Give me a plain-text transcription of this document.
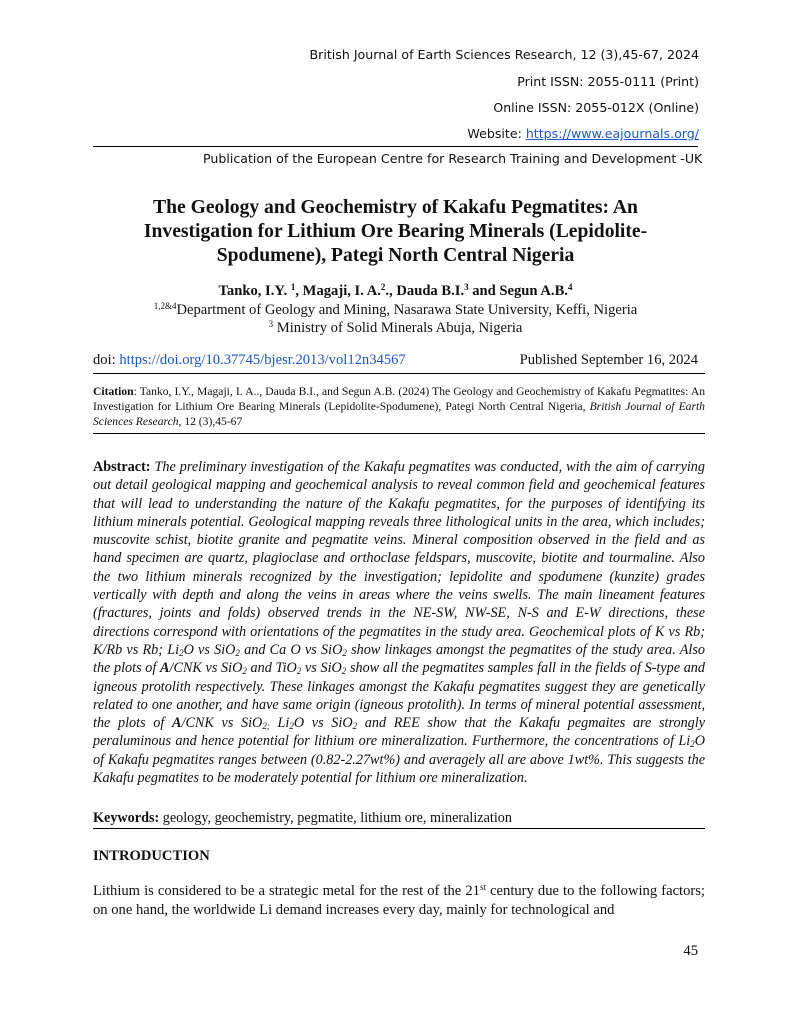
British Journal of Earth Sciences Research, 12 (3),45-67, 2024
Print ISSN: 2055-0111 (Print)
Online ISSN: 2055-012X (Online)
Website: https://www.eajournals.org/
Publication of the European Centre for Research Training and Development -UK
The Geology and Geochemistry of Kakafu Pegmatites: An Investigation for Lithium Ore Bearing Minerals (Lepidolite-Spodumene), Pategi North Central Nigeria
Tanko, I.Y. $^1$, Magaji, I. A.$^2$., Dauda B.I.$^3$ and Segun A.B.$^4$
$^{1,2\&4}$Department of Geology and Mining, Nasarawa State University, Keffi, Nigeria
$^3$ Ministry of Solid Minerals Abuja, Nigeria
doi: https://doi.org/10.37745/bjesr.2013/vol12n34567	Published September 16, 2024
Citation: Tanko, I.Y., Magaji, I. A.., Dauda B.I., and Segun A.B. (2024) The Geology and Geochemistry of Kakafu Pegmatites: An Investigation for Lithium Ore Bearing Minerals (Lepidolite-Spodumene), Pategi North Central Nigeria, British Journal of Earth Sciences Research, 12 (3),45-67
Abstract: The preliminary investigation of the Kakafu pegmatites was conducted, with the aim of carrying out detail geological mapping and geochemical analysis to reveal common field and geochemical features that will lead to understanding the nature of the Kakafu pegmatites, for the purposes of identifying its lithium minerals potential. Geological mapping reveals three lithological units in the area, which includes; muscovite schist, biotite granite and pegmatite veins. Mineral composition observed in the field and as hand specimen are quartz, plagioclase and orthoclase feldspars, muscovite, biotite and tourmaline. Also the two lithium minerals recognized by the investigation; lepidolite and spodumene (kunzite) grades vertically with depth and along the veins in areas where the veins swells. The main lineament features (fractures, joints and folds) observed trends in the NE-SW, NW-SE, N-S and E-W directions, these directions correspond with orientations of the pegmatites in the study area. Geochemical plots of K vs Rb; K/Rb vs Rb; $Li_2O$ vs SiO$_2$ and Ca O vs SiO$_2$ show linkages amongst the pegmatites of the study area. Also the plots of A/CNK vs SiO$_2$ and TiO$_2$ vs SiO$_2$ show all the pegmatites samples fall in the fields of S-type and igneous protolith respectively. These linkages amongst the Kakafu pegmatites suggest they are genetically related to one another, and have same origin (igneous protolith). In terms of mineral potential assessment, the plots of A/CNK vs SiO$_{2;}$ $Li_2O$ vs SiO$_2$ and REE show that the Kakafu pegmaites are strongly peraluminous and hence potential for lithium ore mineralization. Furthermore, the concentrations of $Li_2O$ of Kakafu pegmatites ranges between (0.82-2.27wt%) and averagely all are above 1wt%. This suggests the Kakafu pegmatites to be moderately potential for lithium ore mineralization.
Keywords: geology, geochemistry, pegmatite, lithium ore, mineralization
INTRODUCTION
Lithium is considered to be a strategic metal for the rest of the 21st century due to the following factors; on one hand, the worldwide Li demand increases every day, mainly for technological and
45
